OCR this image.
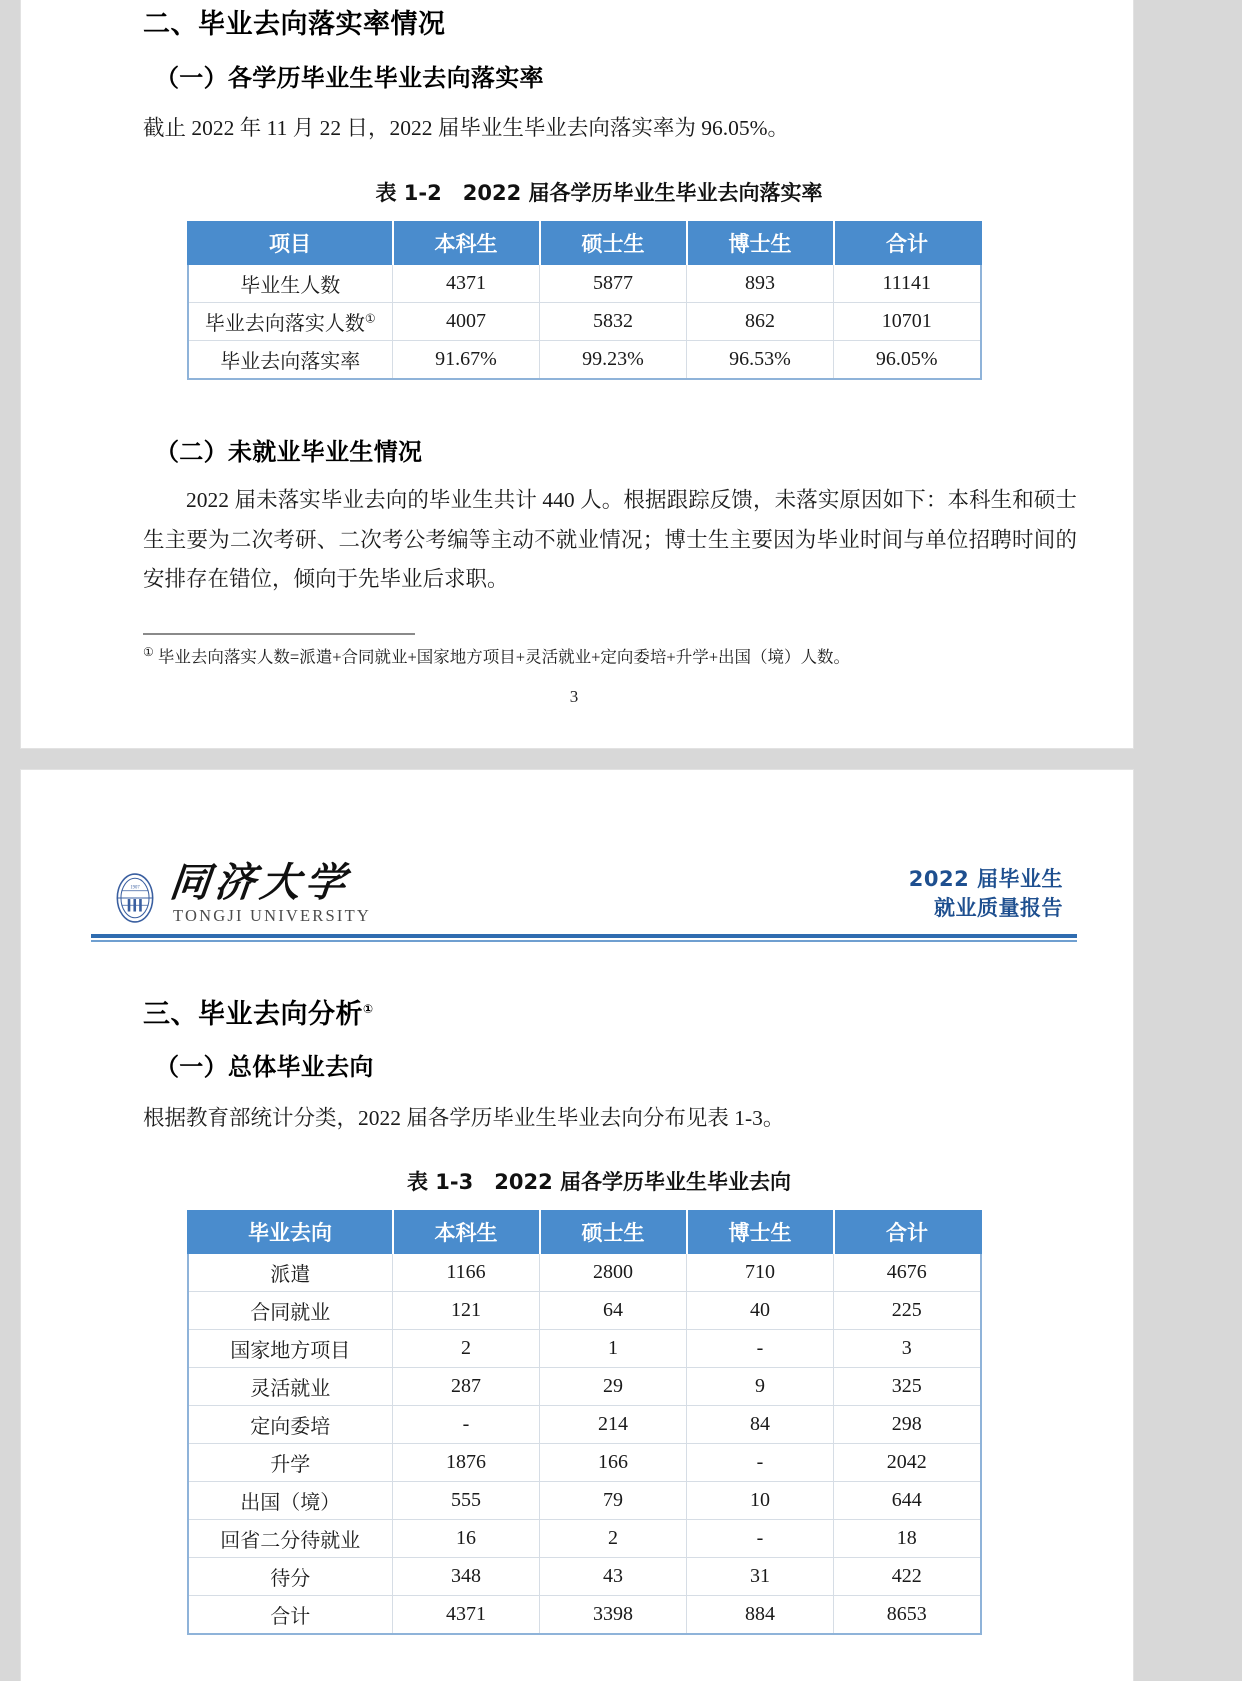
二、毕业去向落实率情况
（一）各学历毕业生毕业去向落实率

截止 2022 年 11 月 22 日，2022 届毕业生毕业去向落实率为 96.05%。

表 1-2　2022 届各学历毕业生毕业去向落实率

项目	本科生	硕士生	博士生	合计
毕业生人数	4371	5877	893	11141
毕业去向落实人数①	4007	5832	862	10701
毕业去向落实率	91.67%	99.23%	96.53%	96.05%
（二）未就业毕业生情况

2022 届未落实毕业去向的毕业生共计 440 人。根据跟踪反馈，未落实原因如下：本科生和硕士生主要为二次考研、二次考公考编等主动不就业情况；博士生主要因为毕业时间与单位招聘时间的安排存在错位，倾向于先毕业后求职。

① 毕业去向落实人数=派遣+合同就业+国家地方项目+灵活就业+定向委培+升学+出国（境）人数。

3
1907 同济大学
TONGJI UNIVERSITY
2022 届毕业生
就业质量报告
三、毕业去向分析①
（一）总体毕业去向

根据教育部统计分类，2022 届各学历毕业生毕业去向分布见表 1-3。

表 1-3　2022 届各学历毕业生毕业去向

毕业去向	本科生	硕士生	博士生	合计
派遣	1166	2800	710	4676
合同就业	121	64	40	225
国家地方项目	2	1	-	3
灵活就业	287	29	9	325
定向委培	-	214	84	298
升学	1876	166	-	2042
出国（境）	555	79	10	644
回省二分待就业	16	2	-	18
待分	348	43	31	422
合计	4371	3398	884	8653
